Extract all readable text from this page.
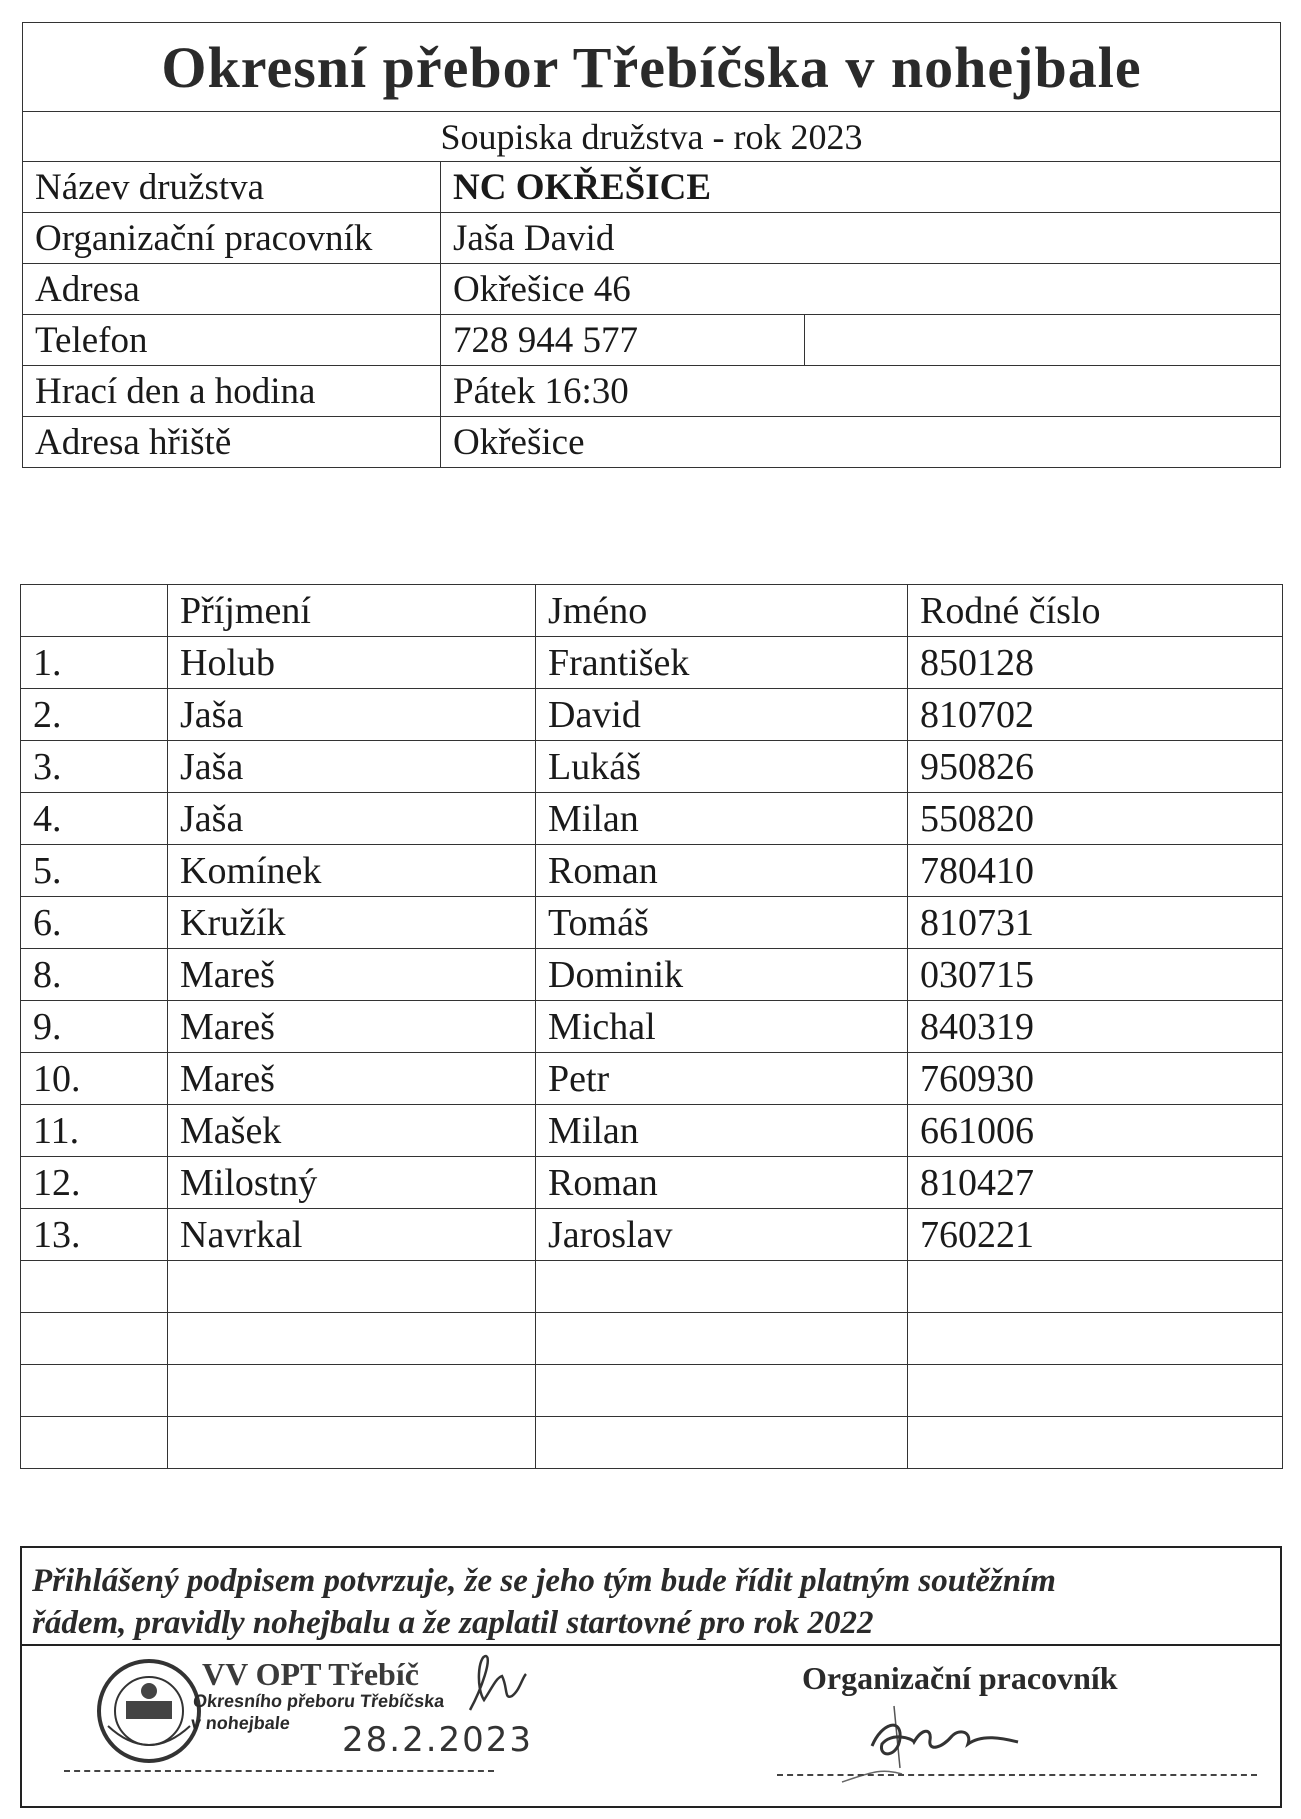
Okresní přebor Třebíčska v nohejbale		
Soupiska družstva - rok 2023		
Název družstva	NC OKŘEŠICE	
Organizační pracovník	Jaša David	
Adresa	Okřešice 46	
Telefon	728 944 577	
Hrací den a hodina	Pátek 16:30	
Adresa hřiště	Okřešice	
	Příjmení	Jméno	Rodné číslo
1.	Holub	František	850128
2.	Jaša	David	810702
3.	Jaša	Lukáš	950826
4.	Jaša	Milan	550820
5.	Komínek	Roman	780410
6.	Kružík	Tomáš	810731
8.	Mareš	Dominik	030715
9.	Mareš	Michal	840319
10.	Mareš	Petr	760930
11.	Mašek	Milan	661006
12.	Milostný	Roman	810427
13.	Navrkal	Jaroslav	760221

Přihlášený podpisem potvrzuje, že se jeho tým bude řídit platným soutěžním
řádem, pravidly nohejbalu a že zaplatil startovné pro rok 2022
VV OPT Třebíč
Okresního přeboru Třebíčska
v nohejbale	28.2.2023
Organizační pracovník
